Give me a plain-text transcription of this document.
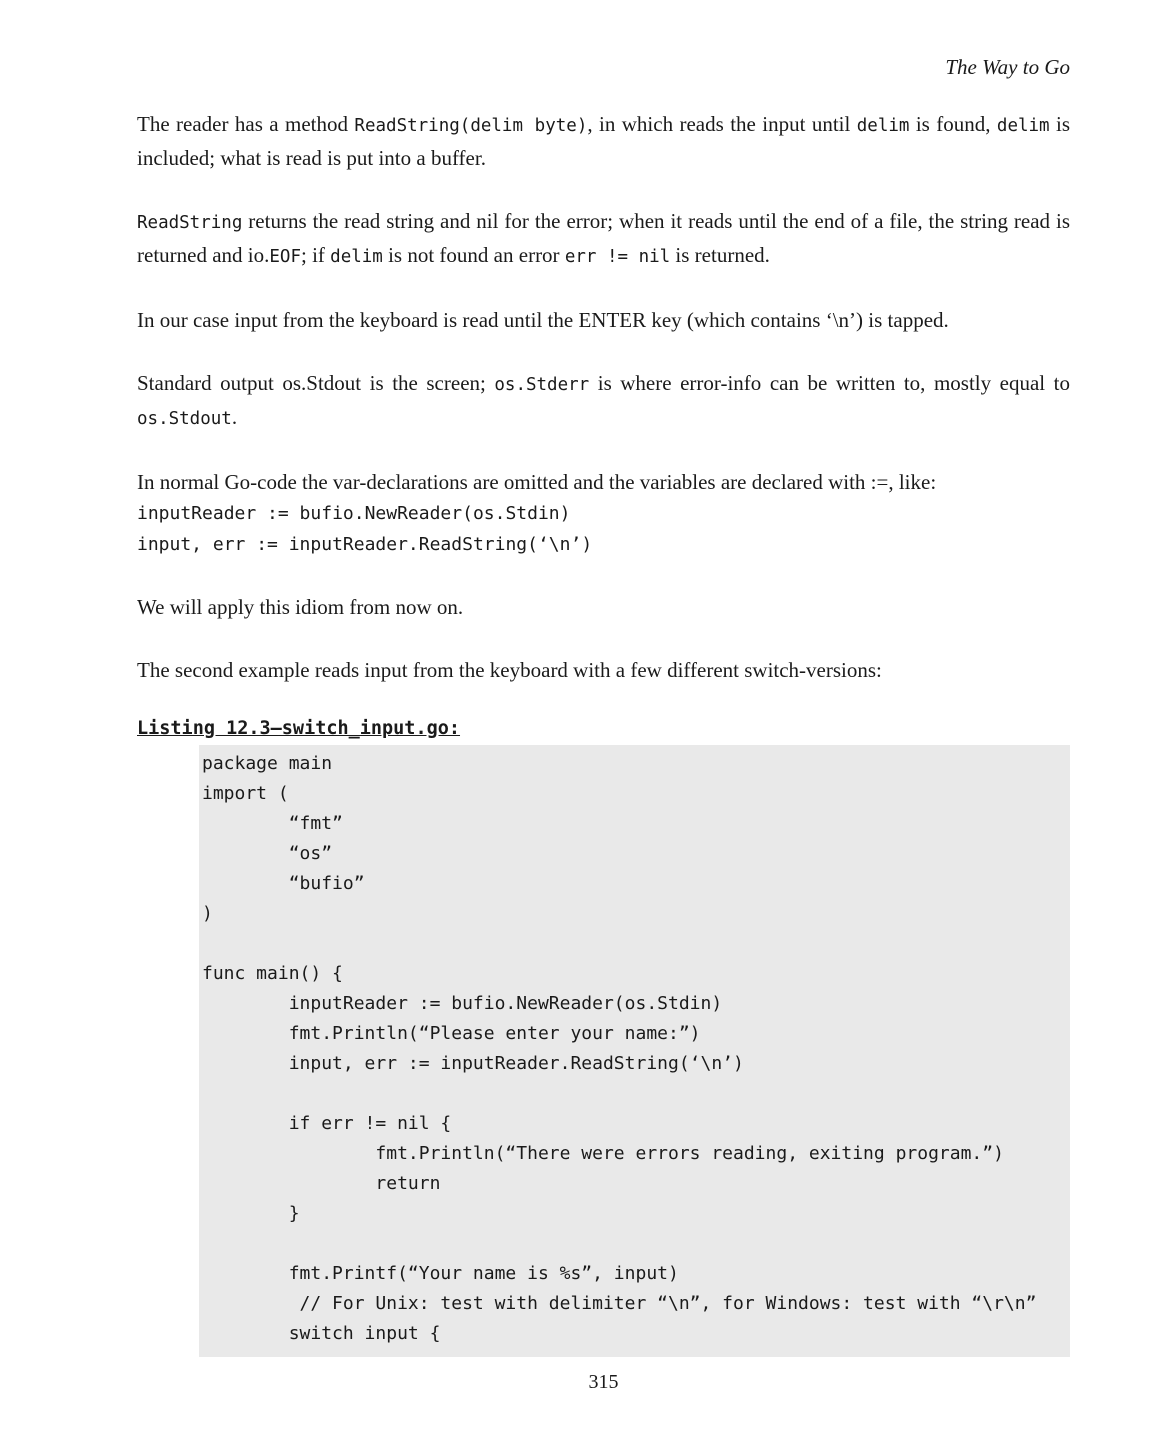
The Way to Go

The reader has a method ReadString(delim byte), in which reads the input until delim is found, delim is included; what is read is put into a buffer.

ReadString returns the read string and nil for the error; when it reads until the end of a file, the string read is returned and io.EOF; if delim is not found an error err != nil is returned.

In our case input from the keyboard is read until the ENTER key (which contains ‘\n’) is tapped.

Standard output os.Stdout is the screen; os.Stderr is where error-info can be written to, mostly equal to os.Stdout.

In normal Go-code the var-declarations are omitted and the variables are declared with :=, like:

inputReader := bufio.NewReader(os.Stdin)
input, err := inputReader.ReadString(‘\n’)

We will apply this idiom from now on.

The second example reads input from the keyboard with a few different switch-versions:

Listing 12.3—switch_input.go:
package main
import (
“fmt”
“os”
“bufio”
)
func main() {
inputReader := bufio.NewReader(os.Stdin)
fmt.Println(“Please enter your name:”)
input, err := inputReader.ReadString(‘\n’)
if err != nil {
fmt.Println(“There were errors reading, exiting program.”)
return
}
fmt.Printf(“Your name is %s”, input)
// For Unix: test with delimiter “\n”, for Windows: test with “\r\n”
switch input {
315
